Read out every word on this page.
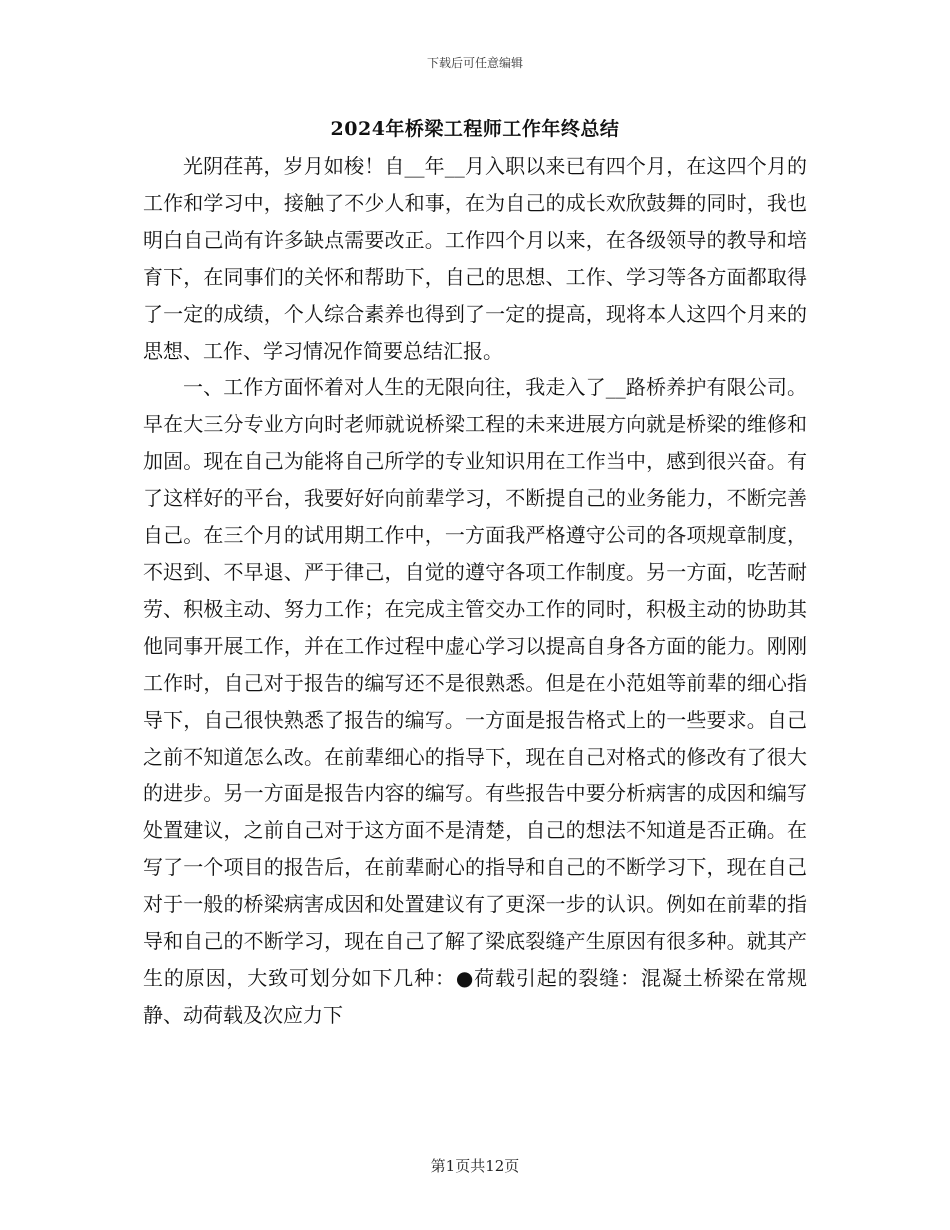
下载后可任意编辑
2024年桥梁工程师工作年终总结

光阴荏苒，岁月如梭！自__年__月入职以来已有四个月，在这四个月的工作和学习中，接触了不少人和事，在为自己的成长欢欣鼓舞的同时，我也明白自己尚有许多缺点需要改正。工作四个月以来，在各级领导的教导和培育下，在同事们的关怀和帮助下，自己的思想、工作、学习等各方面都取得了一定的成绩，个人综合素养也得到了一定的提高，现将本人这四个月来的思想、工作、学习情况作简要总结汇报。

一、工作方面怀着对人生的无限向往，我走入了__路桥养护有限公司。早在大三分专业方向时老师就说桥梁工程的未来进展方向就是桥梁的维修和加固。现在自己为能将自己所学的专业知识用在工作当中，感到很兴奋。有了这样好的平台，我要好好向前辈学习，不断提自己的业务能力，不断完善自己。在三个月的试用期工作中，一方面我严格遵守公司的各项规章制度，不迟到、不早退、严于律己，自觉的遵守各项工作制度。另一方面，吃苦耐劳、积极主动、努力工作；在完成主管交办工作的同时，积极主动的协助其他同事开展工作，并在工作过程中虚心学习以提高自身各方面的能力。刚刚工作时，自己对于报告的编写还不是很熟悉。但是在小范姐等前辈的细心指导下，自己很快熟悉了报告的编写。一方面是报告格式上的一些要求。自己之前不知道怎么改。在前辈细心的指导下，现在自己对格式的修改有了很大的进步。另一方面是报告内容的编写。有些报告中要分析病害的成因和编写处置建议，之前自己对于这方面不是清楚，自己的想法不知道是否正确。在写了一个项目的报告后，在前辈耐心的指导和自己的不断学习下，现在自己对于一般的桥梁病害成因和处置建议有了更深一步的认识。例如在前辈的指导和自己的不断学习，现在自己了解了梁底裂缝产生原因有很多种。就其产生的原因，大致可划分如下几种：●荷载引起的裂缝：混凝土桥梁在常规静、动荷载及次应力下

第1页共12页
